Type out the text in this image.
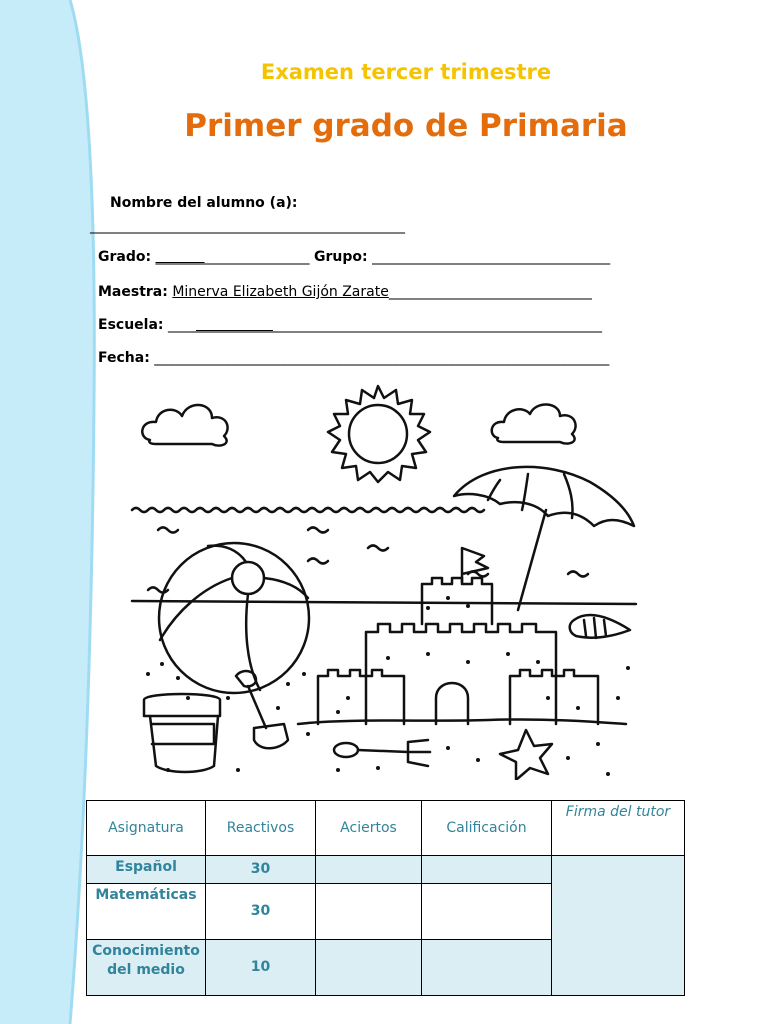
Examen tercer trimestre
Primer grado de Primaria
Nombre del alumno (a):
_____________________________________________
Grado: ______________________ Grupo: __________________________________
Maestra: Minerva Elizabeth Gijón Zarate_____________________________
Escuela: ______________________________________________________________
Fecha: _________________________________________________________________
Asignatura	Reactivos	Aciertos	Calificación	Firma del tutor
Español	30			
Matemáticas	30			
Conocimiento del medio	10			
